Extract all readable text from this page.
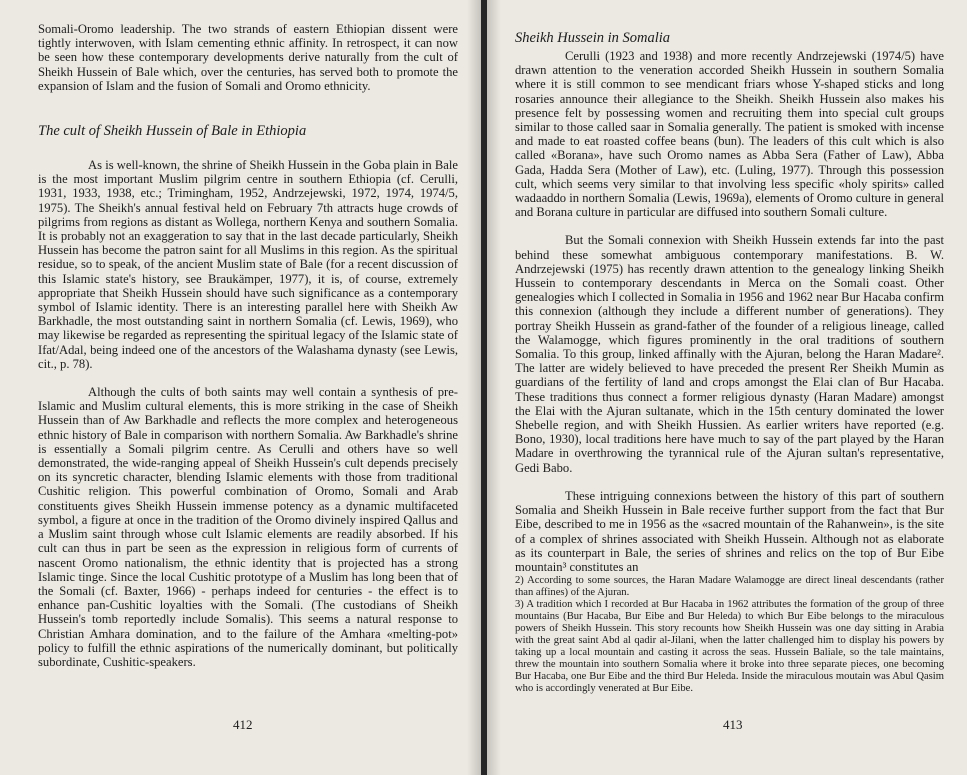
Somali-Oromo leadership. The two strands of eastern Ethiopian dissent were tightly interwoven, with Islam cementing ethnic affinity. In retrospect, it can now be seen how these contemporary developments derive naturally from the cult of Sheikh Hussein of Bale which, over the centuries, has served both to promote the expansion of Islam and the fusion of Somali and Oromo ethnicity.

The cult of Sheikh Hussein of Bale in Ethiopia

As is well-known, the shrine of Sheikh Hussein in the Goba plain in Bale is the most important Muslim pilgrim centre in southern Ethiopia (cf. Cerulli, 1931, 1933, 1938, etc.; Trimingham, 1952, Andrzejewski, 1972, 1974, 1974/5, 1975). The Sheikh's annual festival held on February 7th attracts huge crowds of pilgrims from regions as distant as Wollega, northern Kenya and southern Somalia. It is probably not an exaggeration to say that in the last decade particularly, Sheikh Hussein has become the patron saint for all Muslims in this region. As the spiritual residue, so to speak, of the ancient Muslim state of Bale (for a recent discussion of this Islamic state's history, see Braukämper, 1977), it is, of course, extremely appropriate that Sheikh Hussein should have such significance as a contemporary symbol of Islamic identity. There is an interesting parallel here with Sheikh Aw Barkhadle, the most outstanding saint in northern Somalia (cf. Lewis, 1969), who may likewise be regarded as representing the spiritual legacy of the Islamic state of Ifat/Adal, being indeed one of the ancestors of the Walashama dynasty (see Lewis, cit., p. 78).

Although the cults of both saints may well contain a synthesis of pre-Islamic and Muslim cultural elements, this is more striking in the case of Sheikh Hussein than of Aw Barkhadle and reflects the more complex and heterogeneous ethnic history of Bale in comparison with northern Somalia. Aw Barkhadle's shrine is essentially a Somali pilgrim centre. As Cerulli and others have so well demonstrated, the wide-ranging appeal of Sheikh Hussein's cult depends precisely on its syncretic character, blending Islamic elements with those from traditional Cushitic religion. This powerful combination of Oromo, Somali and Arab constituents gives Sheikh Hussein immense potency as a dynamic multifaceted symbol, a figure at once in the tradition of the Oromo divinely inspired Qallus and a Muslim saint through whose cult Islamic elements are readily absorbed. If his cult can thus in part be seen as the expression in religious form of currents of nascent Oromo nationalism, the ethnic identity that is projected has a strong Islamic tinge. Since the local Cushitic prototype of a Muslim has long been that of the Somali (cf. Baxter, 1966) - perhaps indeed for centuries - the effect is to enhance pan-Cushitic loyalties with the Somali. (The custodians of Sheikh Hussein's tomb reportedly include Somalis). This seems a natural response to Christian Amhara domination, and to the failure of the Amhara «melting-pot» policy to fulfill the ethnic aspirations of the numerically dominant, but politically subordinate, Cushitic-speakers.

412
Sheikh Hussein in Somalia

Cerulli (1923 and 1938) and more recently Andrzejewski (1974/5) have drawn attention to the veneration accorded Sheikh Hussein in southern Somalia where it is still common to see mendicant friars whose Y-shaped sticks and long rosaries announce their allegiance to the Sheikh. Sheikh Hussein also makes his presence felt by possessing women and recruiting them into special cult groups similar to those called saar in Somalia generally. The patient is smoked with incense and made to eat roasted coffee beans (bun). The leaders of this cult which is also called «Borana», have such Oromo names as Abba Sera (Father of Law), Abba Gada, Hadda Sera (Mother of Law), etc. (Luling, 1977). Through this possession cult, which seems very similar to that involving less specific «holy spirits» called wadaaddo in northern Somalia (Lewis, 1969a), elements of Oromo culture in general and Borana culture in particular are diffused into southern Somali culture.

But the Somali connexion with Sheikh Hussein extends far into the past behind these somewhat ambiguous contemporary manifestations. B. W. Andrzejewski (1975) has recently drawn attention to the genealogy linking Sheikh Hussein to contemporary descendants in Merca on the Somali coast. Other genealogies which I collected in Somalia in 1956 and 1962 near Bur Hacaba confirm this connexion (although they include a different number of generations). They portray Sheikh Hussein as grand-father of the founder of a religious lineage, called the Walamogge, which figures prominently in the oral traditions of southern Somalia. To this group, linked affinally with the Ajuran, belong the Haran Madare². The latter are widely believed to have preceded the present Rer Sheikh Mumin as guardians of the fertility of land and crops amongst the Elai clan of Bur Hacaba. These traditions thus connect a former religious dynasty (Haran Madare) amongst the Elai with the Ajuran sultanate, which in the 15th century dominated the lower Shebelle region, and with Sheikh Hussien. As earlier writers have reported (e.g. Bono, 1930), local traditions here have much to say of the part played by the Haran Madare in overthrowing the tyrannical rule of the Ajuran sultan's representative, Gedi Babo.

These intriguing connexions between the history of this part of southern Somalia and Sheikh Hussein in Bale receive further support from the fact that Bur Eibe, described to me in 1956 as the «sacred mountain of the Rahanwein», is the site of a complex of shrines associated with Sheikh Hussein. Although not as elaborate as its counterpart in Bale, the series of shrines and relics on the top of Bur Eibe mountain³ constitutes an

2) According to some sources, the Haran Madare Walamogge are direct lineal descendants (rather than affines) of the Ajuran.

3) A tradition which I recorded at Bur Hacaba in 1962 attributes the formation of the group of three mountains (Bur Hacaba, Bur Eibe and Bur Heleda) to which Bur Eibe belongs to the miraculous powers of Sheikh Hussein. This story recounts how Sheikh Hussein was one day sitting in Arabia with the great saint Abd al qadir al-Jilani, when the latter challenged him to display his powers by taking up a local mountain and casting it across the seas. Hussein Baliale, so the tale maintains, threw the mountain into southern Somalia where it broke into three separate pieces, one becoming Bur Hacaba, one Bur Eibe and the third Bur Heleda. Inside the miraculous moutain was Abul Qasim who is accordingly venerated at Bur Eibe.

413
